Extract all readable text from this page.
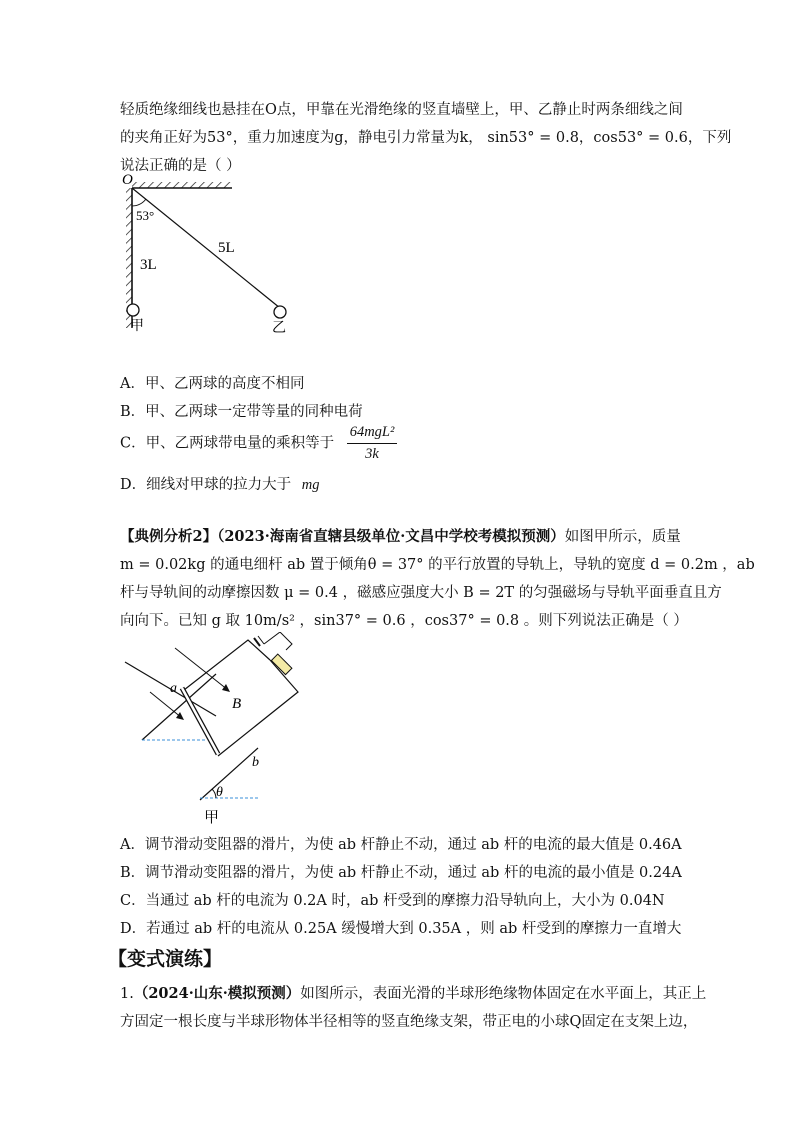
轻质绝缘细线也悬挂在O点，甲靠在光滑绝缘的竖直墙壁上，甲、乙静止时两条细线之间
的夹角正好为53°，重力加速度为g，静电引力常量为k， sin53° = 0.8，cos53° = 0.6，下列
说法正确的是（ ）
O
53°
3L
5L
甲	乙
A．甲、乙两球的高度不相同
B．甲、乙两球一定带等量的同种电荷
C．甲、乙两球带电量的乘积等于 $\frac{\text{64mgL²}}{3k}$
D．细线对甲球的拉力大于 mg
【典例分析2】（2023·海南省直辖县级单位·文昌中学校考模拟预测）如图甲所示，质量
m = 0.02kg 的通电细杆 ab 置于倾角θ = 37° 的平行放置的导轨上，导轨的宽度 d = 0.2m ，ab
杆与导轨间的动摩擦因数 μ = 0.4 ，磁感应强度大小 B = 2T 的匀强磁场与导轨平面垂直且方
向向下。已知 g 取 10m/s² ，sin37° = 0.6 ，cos37° = 0.8 。则下列说法正确是（ ）
a
b
B
θ
甲
A．调节滑动变阻器的滑片，为使 ab 杆静止不动，通过 ab 杆的电流的最大值是 0.46A
B．调节滑动变阻器的滑片，为使 ab 杆静止不动，通过 ab 杆的电流的最小值是 0.24A
C．当通过 ab 杆的电流为 0.2A 时，ab 杆受到的摩擦力沿导轨向上，大小为 0.04N
D．若通过 ab 杆的电流从 0.25A 缓慢增大到 0.35A ，则 ab 杆受到的摩擦力一直增大
【变式演练】
1.（2024·山东·模拟预测）如图所示，表面光滑的半球形绝缘物体固定在水平面上，其正上
方固定一根长度与半球形物体半径相等的竖直绝缘支架，带正电的小球Q固定在支架上边，
